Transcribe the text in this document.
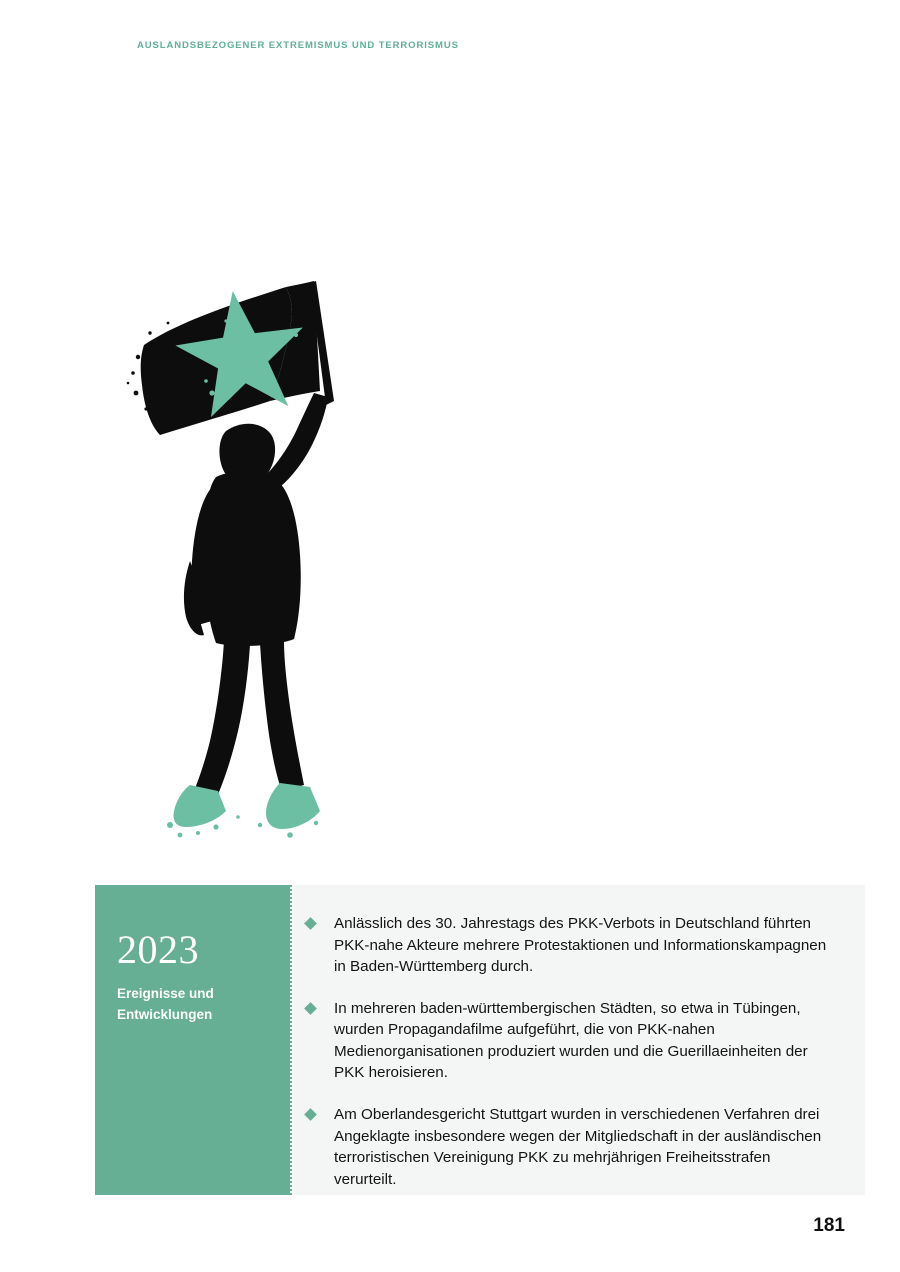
AUSLANDSBEZOGENER EXTREMISMUS UND TERRORISMUS
2023
Ereignisse und
Entwicklungen
Anlässlich des 30. Jahrestags des PKK-Verbots in Deutschland führten PKK-nahe Akteure mehrere Protestaktionen und Informationskampagnen in Baden-Württemberg durch.
In mehreren baden-württembergischen Städten, so etwa in Tübingen, wurden Propagandafilme aufgeführt, die von PKK-nahen Medienorganisationen produziert wurden und die Guerillaeinheiten der PKK heroisieren.
Am Oberlandesgericht Stuttgart wurden in verschiedenen Verfahren drei Angeklagte insbesondere wegen der Mitgliedschaft in der ausländischen terroristischen Vereinigung PKK zu mehrjährigen Freiheitsstrafen verurteilt.
181
